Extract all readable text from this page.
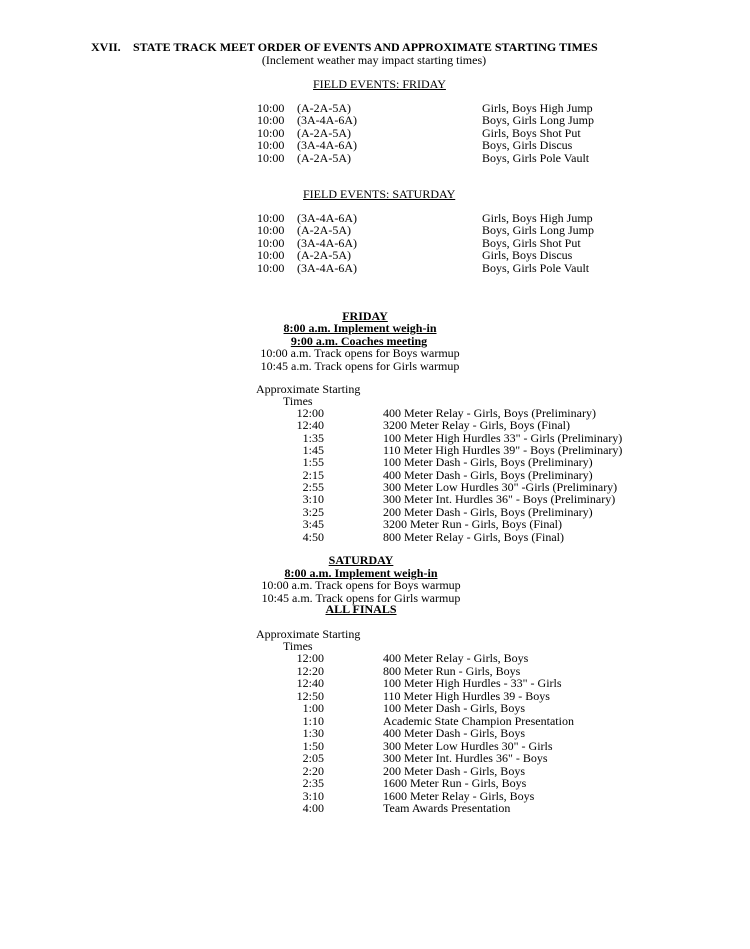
XVII. STATE TRACK MEET ORDER OF EVENTS AND APPROXIMATE STARTING TIMES
(Inclement weather may impact starting times)
FIELD EVENTS: FRIDAY
10:00 (A-2A-5A)	Girls, Boys High Jump
10:00 (3A-4A-6A)	Boys, Girls Long Jump
10:00 (A-2A-5A)	Girls, Boys Shot Put
10:00 (3A-4A-6A)	Boys, Girls Discus
10:00 (A-2A-5A)	Boys, Girls Pole Vault
FIELD EVENTS: SATURDAY
10:00 (3A-4A-6A)	Girls, Boys High Jump
10:00 (A-2A-5A)	Boys, Girls Long Jump
10:00 (3A-4A-6A)	Boys, Girls Shot Put
10:00 (A-2A-5A)	Girls, Boys Discus
10:00 (3A-4A-6A)	Boys, Girls Pole Vault
FRIDAY
8:00 a.m. Implement weigh-in
9:00 a.m. Coaches meeting
10:00 a.m. Track opens for Boys warmup
10:45 a.m. Track opens for Girls warmup
Approximate Starting
Times
12:00	400 Meter Relay - Girls, Boys (Preliminary)
12:40	3200 Meter Relay - Girls, Boys (Final)
1:35	100 Meter High Hurdles 33" - Girls (Preliminary)
1:45	110 Meter High Hurdles 39" - Boys (Preliminary)
1:55	100 Meter Dash - Girls, Boys (Preliminary)
2:15	400 Meter Dash - Girls, Boys (Preliminary)
2:55	300 Meter Low Hurdles 30" -Girls (Preliminary)
3:10	300 Meter Int. Hurdles 36" - Boys (Preliminary)
3:25	200 Meter Dash - Girls, Boys (Preliminary)
3:45	3200 Meter Run - Girls, Boys (Final)
4:50	800 Meter Relay - Girls, Boys (Final)
SATURDAY
8:00 a.m. Implement weigh-in
10:00 a.m. Track opens for Boys warmup
10:45 a.m. Track opens for Girls warmup
ALL FINALS
Approximate Starting
Times
12:00	400 Meter Relay - Girls, Boys
12:20	800 Meter Run - Girls, Boys
12:40	100 Meter High Hurdles - 33" - Girls
12:50	110 Meter High Hurdles 39 - Boys
1:00	100 Meter Dash - Girls, Boys
1:10	Academic State Champion Presentation
1:30	400 Meter Dash - Girls, Boys
1:50	300 Meter Low Hurdles 30" - Girls
2:05	300 Meter Int. Hurdles 36" - Boys
2:20	200 Meter Dash - Girls, Boys
2:35	1600 Meter Run - Girls, Boys
3:10	1600 Meter Relay - Girls, Boys
4:00	Team Awards Presentation
